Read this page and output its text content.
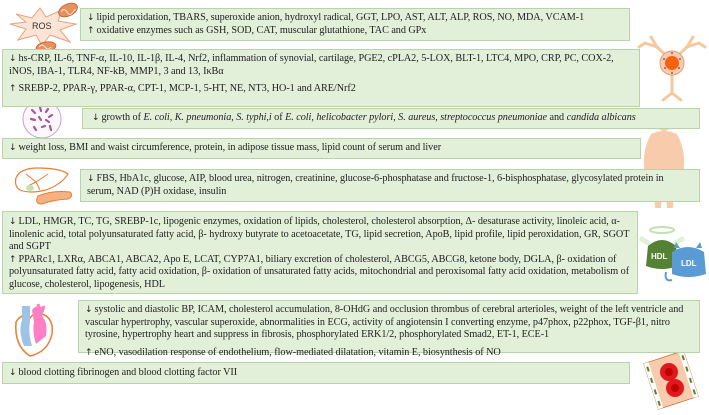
ROS
HDL
LDL

↓ lipid peroxidation, TBARS, superoxide anion, hydroxyl radical, GGT, LPO, AST, ALT, ALP, ROS, NO, MDA, VCAM-1

↑ oxidative enzymes such as GSH, SOD, CAT, muscular glutathione, TAC and GPx

↓ hs-CRP, IL-6, TNF-α, IL-10, IL-1β, IL-4, Nrf2, inflammation of synovial, cartilage, PGE2, cPLA2, 5-LOX, BLT-1, LTC4, MPO, CRP, PC, COX-2, iNOS, IBA-1, TLR4, NF-kB, MMP1, 3 and 13, IκBα

↑ SREBP-2, PPAR-γ, PPAR-α, CPT-1, MCP-1, 5-HT, NE, NT3, HO-1 and ARE/Nrf2

↓ growth of E. coli, K. pneumonia, S. typhi,i of E. coli, helicobacter pylori, S. aureus, streptococcus pneumoniae and candida albicans

↓ weight loss, BMI and waist circumference, protein, in adipose tissue mass, lipid count of serum and liver

↓ FBS, HbA1c, glucose, AIP, blood urea, nitrogen, creatinine, glucose-6-phosphatase and fructose-1, 6-bisphosphatase, glycosylated protein in serum, NAD (P)H oxidase, insulin

↓ LDL, HMGR, TC, TG, SREBP-1c, lipogenic enzymes, oxidation of lipids, cholesterol, cholesterol absorption, Δ- desaturase activity, linoleic acid, α-linolenic acid, total polyunsaturated fatty acid, β- hydroxy butyrate to acetoacetate, TG, lipid secretion, ApoB, lipid profile, lipid peroxidation, GR, SGOT and SGPT

↑ PPARc1, LXRα, ABCA1, ABCA2, Apo E, LCAT, CYP7A1, biliary excretion of cholesterol, ABCG5, ABCG8, ketone body, DGLA, β- oxidation of polyunsaturated fatty acid, fatty acid oxidation, β- oxidation of unsaturated fatty acids, mitochondrial and peroxisomal fatty acid oxidation, metabolism of glucose, cholesterol, lipogenesis, HDL

↓ systolic and diastolic BP, ICAM, cholesterol accumulation, 8-OHdG and occlusion thrombus of cerebral arterioles, weight of the left ventricle and vascular hypertrophy, vascular superoxide, abnormalities in ECG, activity of angiotensin I converting enzyme, p47phox, p22phox, TGF-β1, nitro tyrosine, hypertrophy heart and suppress in fibrosis, phosphorylated ERK1/2, phosphorylated Smad2, ET-1, ECE-1

↑ eNO, vasodilation response of endothelium, flow-mediated dilatation, vitamin E, biosynthesis of NO

↓ blood clotting fibrinogen and blood clotting factor VII
